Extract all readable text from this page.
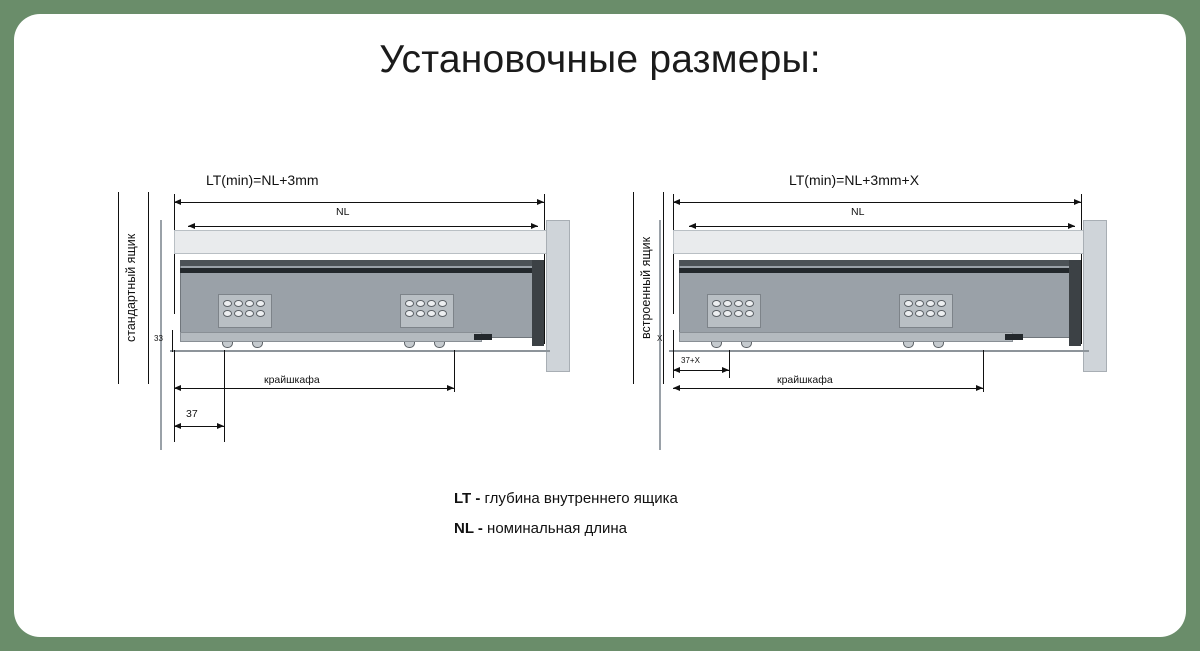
Установочные размеры:
стандартный ящик
LT(min)=NL+3mm
NL
33
крайшкафа
37
встроенный ящик
LT(min)=NL+3mm+X
NL
X
крайшкафа
37+X
LT - глубина внутреннего ящика
NL - номинальная длина
